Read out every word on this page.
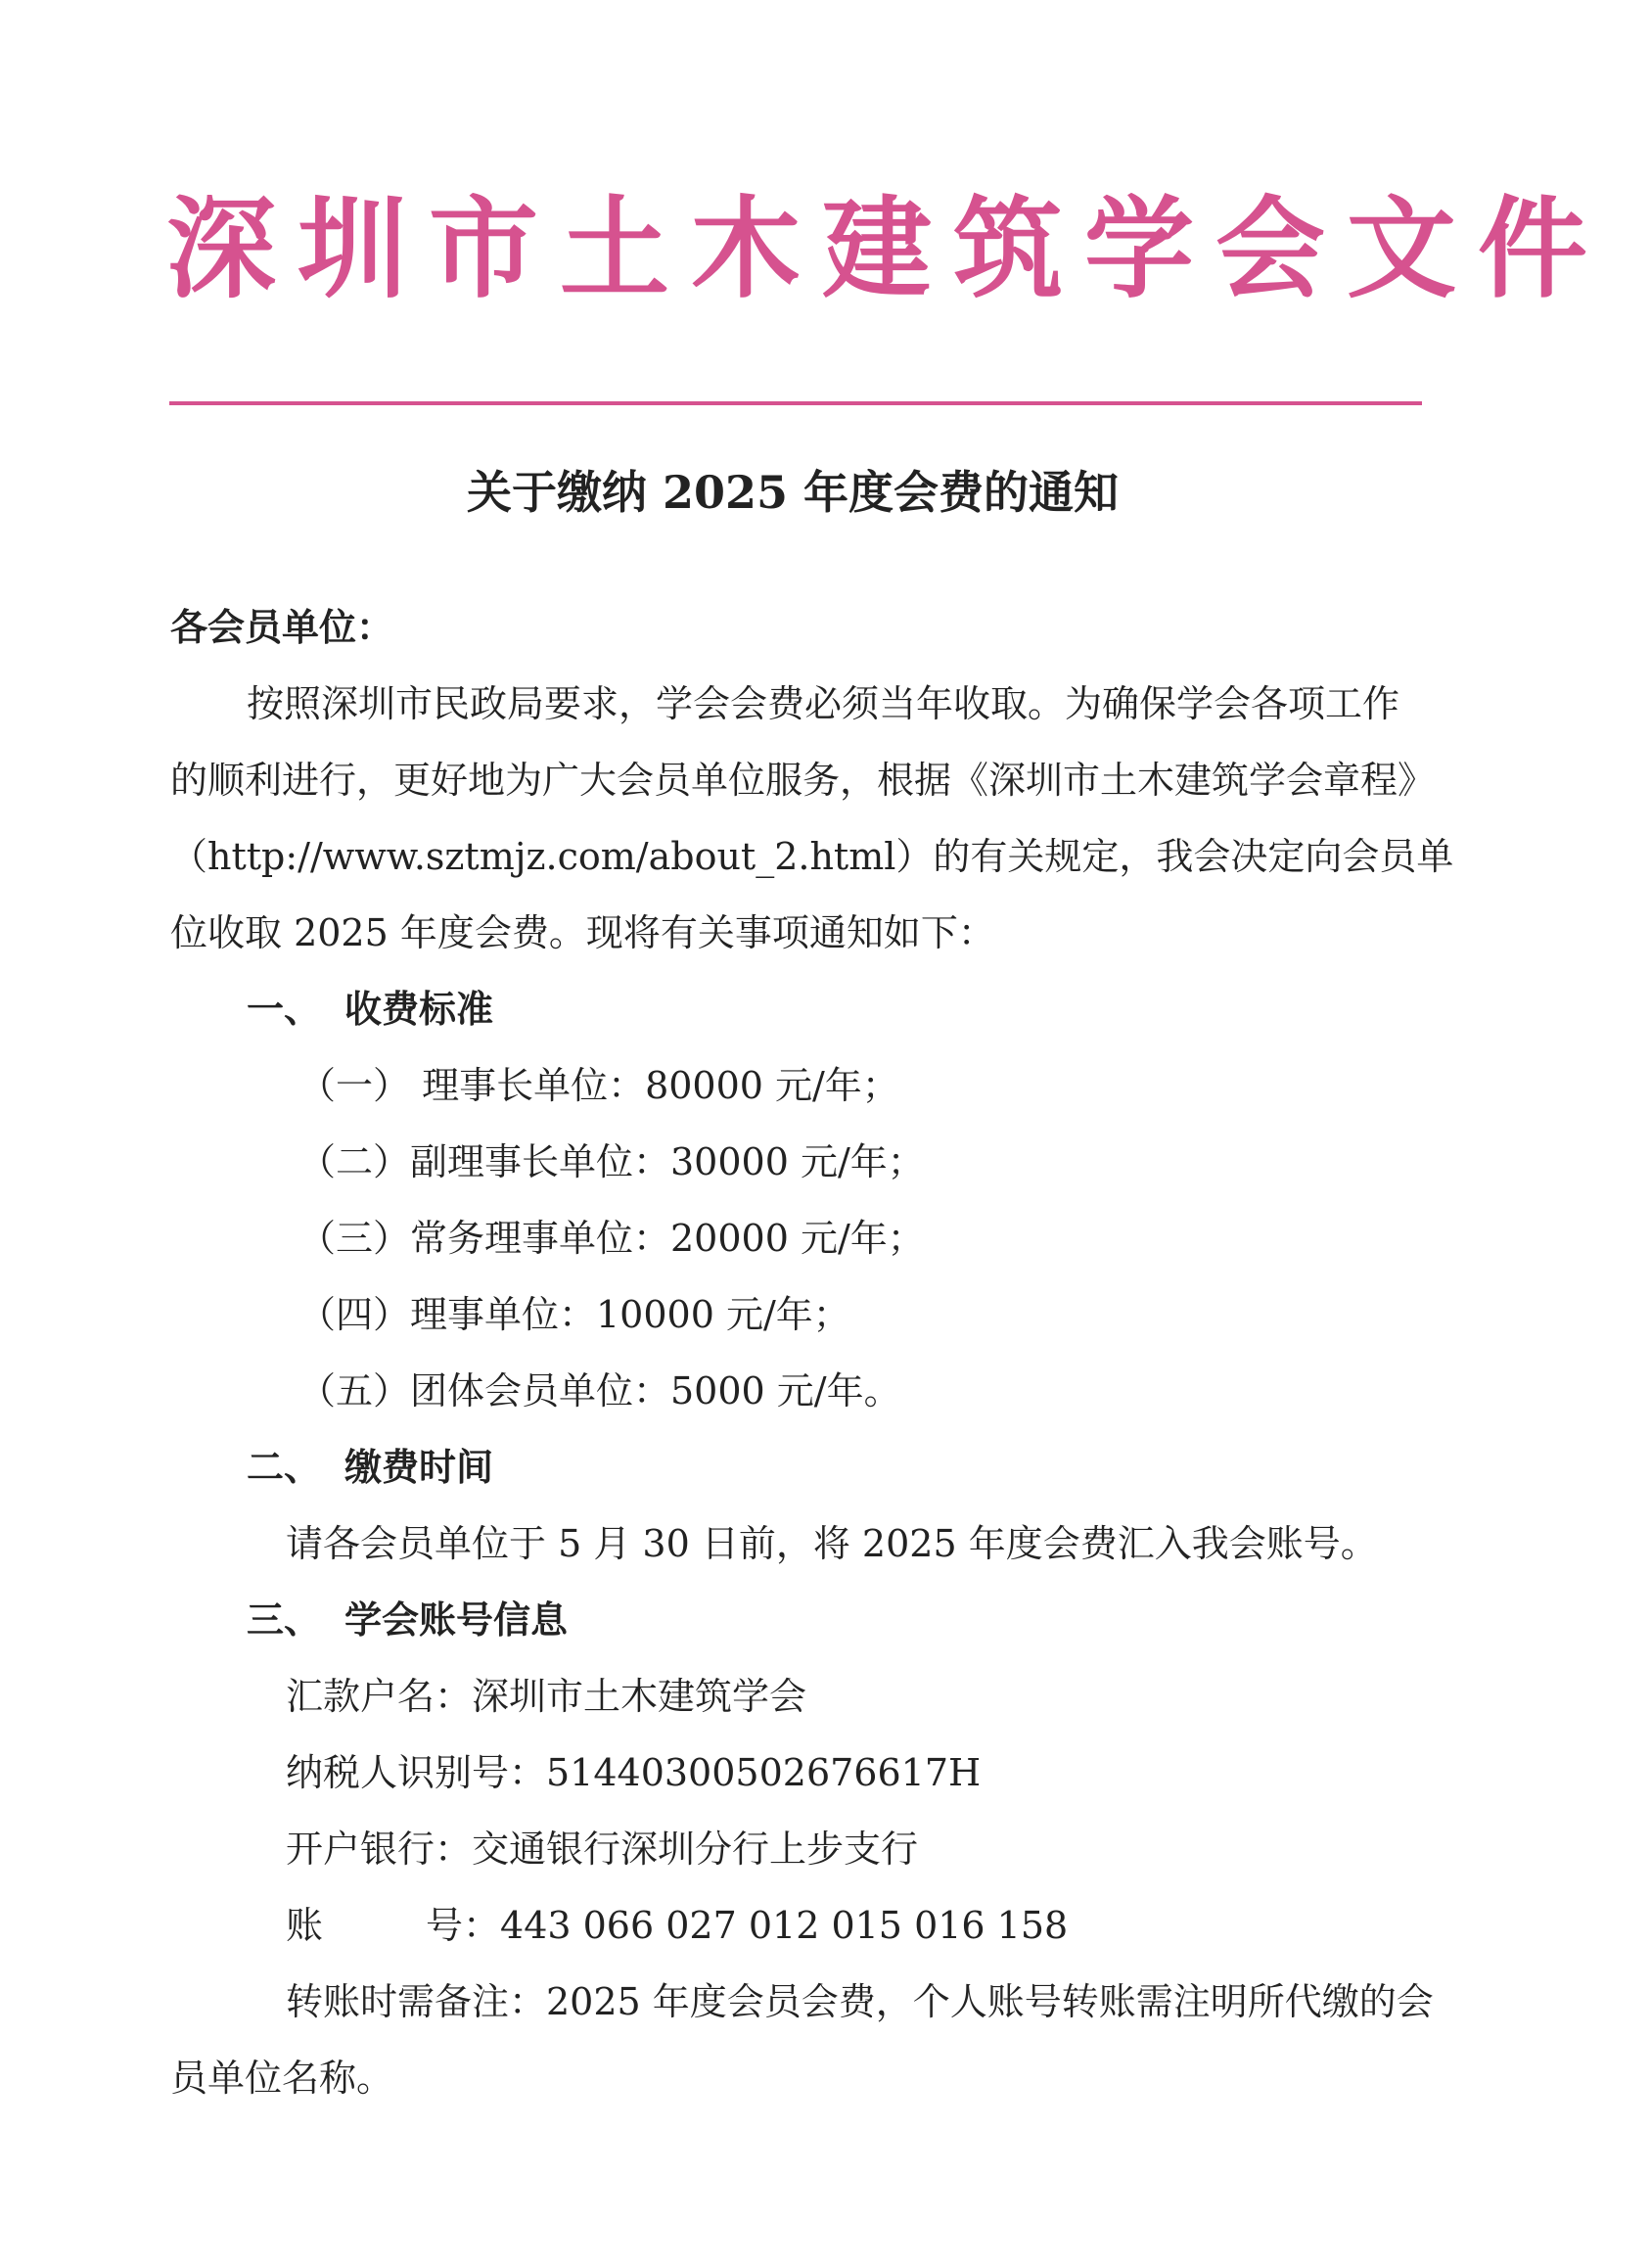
深圳市土木建筑学会文件
关于缴纳 2025 年度会费的通知

各会员单位：

按照深圳市民政局要求，学会会费必须当年收取。为确保学会各项工作

的顺利进行，更好地为广大会员单位服务，根据《深圳市土木建筑学会章程》

（http://www.sztmjz.com/about_2.html）的有关规定，我会决定向会员单

位收取 2025 年度会费。现将有关事项通知如下：

一、 收费标准

（一） 理事长单位：80000 元/年；

（二）副理事长单位：30000 元/年；

（三）常务理事单位：20000 元/年；

（四）理事单位：10000 元/年；

（五）团体会员单位：5000 元/年。

二、 缴费时间

请各会员单位于 5 月 30 日前，将 2025 年度会费汇入我会账号。

三、 学会账号信息

汇款户名：深圳市土木建筑学会

纳税人识别号：51440300502676617H

开户银行：交通银行深圳分行上步支行

账	号：443 066 027 012 015 016 158

转账时需备注：2025 年度会员会费，个人账号转账需注明所代缴的会

员单位名称。
